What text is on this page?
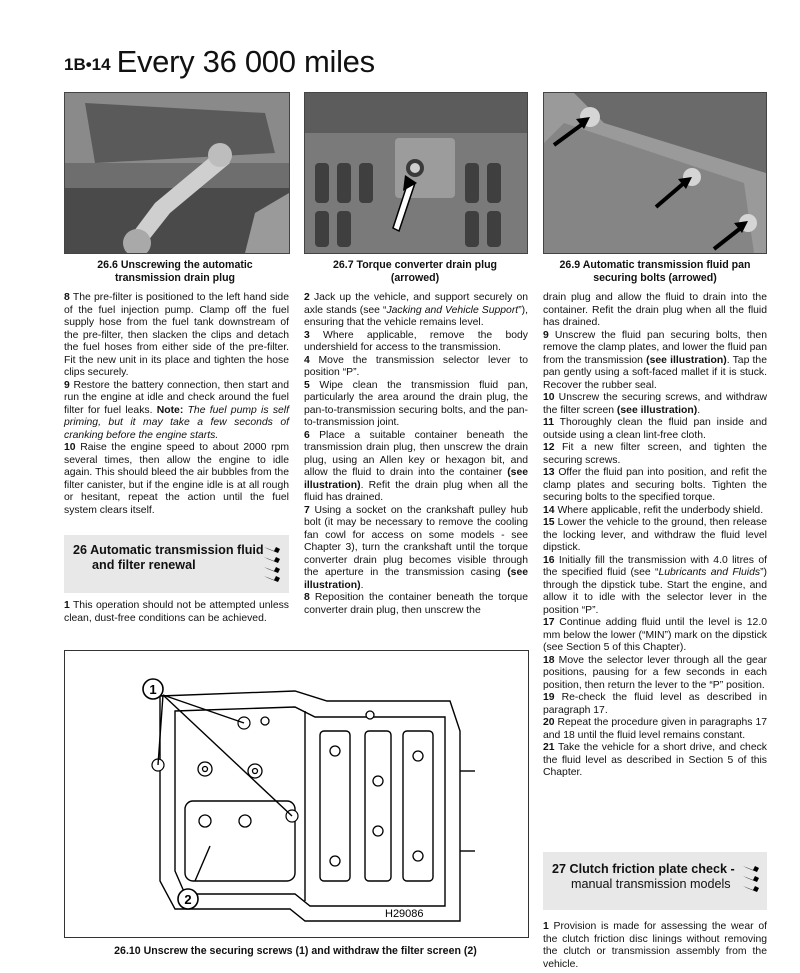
1B•14 Every 36 000 miles
26.6 Unscrewing the automatic transmission drain plug
26.7 Torque converter drain plug (arrowed)
26.9 Automatic transmission fluid pan securing bolts (arrowed)

8 The pre-filter is positioned to the left hand side of the fuel injection pump. Clamp off the fuel supply hose from the fuel tank downstream of the pre-filter, then slacken the clips and detach the fuel hoses from either side of the pre-filter. Fit the new unit in its place and tighten the hose clips securely.

9 Restore the battery connection, then start and run the engine at idle and check around the fuel filter for fuel leaks. Note: The fuel pump is self priming, but it may take a few seconds of cranking before the engine starts.

10 Raise the engine speed to about 2000 rpm several times, then allow the engine to idle again. This should bleed the air bubbles from the filter canister, but if the engine idle is at all rough or hesitant, repeat the action until the fuel system clears itself.

26 Automatic transmission fluid
and filter renewal

1 This operation should not be attempted unless clean, dust-free conditions can be achieved.

2 Jack up the vehicle, and support securely on axle stands (see “Jacking and Vehicle Support”), ensuring that the vehicle remains level.

3 Where applicable, remove the body undershield for access to the transmission.

4 Move the transmission selector lever to position “P”.

5 Wipe clean the transmission fluid pan, particularly the area around the drain plug, the pan-to-transmission securing bolts, and the pan-to-transmission joint.

6 Place a suitable container beneath the transmission drain plug, then unscrew the drain plug, using an Allen key or hexagon bit, and allow the fluid to drain into the container (see illustration). Refit the drain plug when all the fluid has drained.

7 Using a socket on the crankshaft pulley hub bolt (it may be necessary to remove the cooling fan cowl for access on some models - see Chapter 3), turn the crankshaft until the torque converter drain plug becomes visible through the aperture in the transmission casing (see illustration).

8 Reposition the container beneath the torque converter drain plug, then unscrew the

drain plug and allow the fluid to drain into the container. Refit the drain plug when all the fluid has drained.

9 Unscrew the fluid pan securing bolts, then remove the clamp plates, and lower the fluid pan from the transmission (see illustration). Tap the pan gently using a soft-faced mallet if it is stuck. Recover the rubber seal.

10 Unscrew the securing screws, and withdraw the filter screen (see illustration).

11 Thoroughly clean the fluid pan inside and outside using a clean lint-free cloth.

12 Fit a new filter screen, and tighten the securing screws.

13 Offer the fluid pan into position, and refit the clamp plates and securing bolts. Tighten the securing bolts to the specified torque.

14 Where applicable, refit the underbody shield.

15 Lower the vehicle to the ground, then release the locking lever, and withdraw the fluid level dipstick.

16 Initially fill the transmission with 4.0 litres of the specified fluid (see “Lubricants and Fluids”) through the dipstick tube. Start the engine, and allow it to idle with the selector lever in the position “P”.

17 Continue adding fluid until the level is 12.0 mm below the lower (“MIN”) mark on the dipstick (see Section 5 of this Chapter).

18 Move the selector lever through all the gear positions, pausing for a few seconds in each position, then return the lever to the “P” position.

19 Re-check the fluid level as described in paragraph 17.

20 Repeat the procedure given in paragraphs 17 and 18 until the fluid level remains constant.

21 Take the vehicle for a short drive, and check the fluid level as described in Section 5 of this Chapter.

27 Clutch friction plate check -
manual transmission models

1 Provision is made for assessing the wear of the clutch friction disc linings without removing the clutch or transmission assembly from the vehicle.

1
2
H29086
26.10 Unscrew the securing screws (1) and withdraw the filter screen (2)
